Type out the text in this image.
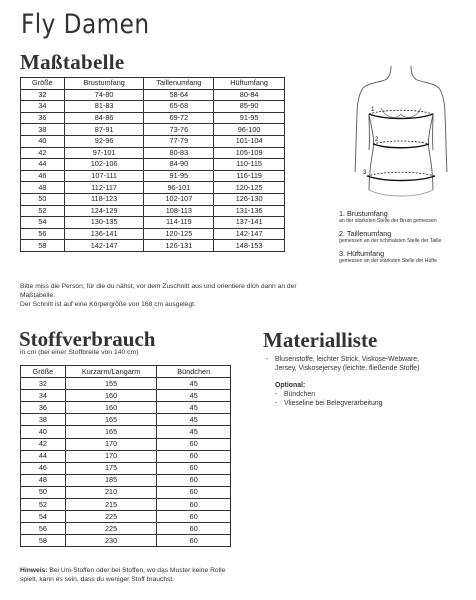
Fly Damen
Maßtabelle
Größe	Brustumfang	Taillenumfang	Hüftumfang
32	74-80	58-64	80-84
34	81-83	65-68	85-90
36	84-86	69-72	91-95
38	87-91	73-76	96-100
40	92-96	77-79	101-104
42	97-101	80-83	105-109
44	102-106	84-90	110-115
46	107-111	91-95	116-119
48	112-117	96-101	120-125
50	118-123	102-107	126-130
52	124-129	108-113	131-136
54	130-135	114-119	137-141
56	136-141	120-125	142-147
58	142-147	126-131	148-153
Bitte miss die Person, für die du nähst, vor dem Zuschnitt aus und orientiere dich dann an der Maßtabelle.
Der Schnitt ist auf eine Körpergröße von 168 cm ausgelegt.
1
2
3
1. Brustumfang
an der stärksten Stelle der Brust gemessen
2. Taillenumfang
gemessen an der schmalsten Stelle der Taille
3. Hüftumfang
gemessen an der stärksten Stelle der Hüfte
Stoffverbrauch
in cm (bei einer Stoffbreite von 140 cm)
Größe	Kurzarm/Langarm	Bündchen
32	155	45
34	160	45
36	160	45
38	165	45
40	165	45
42	170	60
44	170	60
46	175	60
48	185	60
50	210	60
52	215	60
54	225	60
56	225	60
58	230	60
Hinweis: Bei Uni-Stoffen oder bei Stoffen, wo das Muster keine Rolle
spielt, kann es sein, dass du weniger Stoff brauchst.
Materialliste
- Blusenstoffe, leichter Strick, Viskose-Webware,
Jersey, Viskosejersey (leichte, fließende Stoffe)
Optional:
- Bündchen
- Vlieseline bei Belegverarbeitung
